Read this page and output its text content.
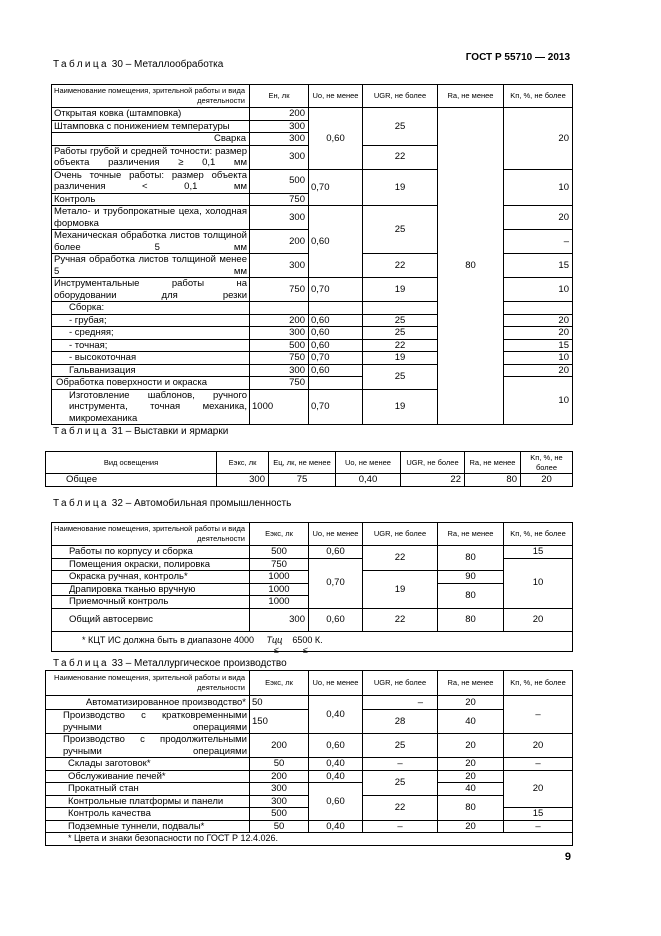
ГОСТ Р 55710 — 2013
Таблица 30 – Металлообработка
Наименование помещения, зрительной работы и вида деятельности	Eн, лк	Uo, не менее	UGR, не более	Ra, не менее	Kп, %, не более
Открытая ковка (штамповка)	200	0,60	25	80	20
Штамповка с понижением температуры	300				
Сварка	300				
Работы грубой и средней точности: размер объекта различения ≥ 0,1 мм	300		22		
Очень точные работы: размер объекта различения < 0,1 мм	500	0,70	19		10
Контроль	750				
Метало- и трубопрокатные цеха, холодная формовка	300	0,60	25		20
Механическая обработка листов толщиной более 5 мм	200				–
Ручная обработка листов толщиной менее 5 мм	300		22		15
Инструментальные работы на оборудовании для резки	750	0,70	19		10
Сборка:					
- грубая;	200	0,60	25		20
- средняя;	300	0,60	25		20
- точная;	500	0,60	22		15
- высокоточная	750	0,70	19		10
Гальванизация	300	0,60	25		20
Обработка поверхности и окраска	750				10
Изготовление шаблонов, ручного инструмента, точная механика, микромеханика	1000	0,70	19		
Таблица 31 – Выставки и ярмарки
Вид освещения	Eэкс, лк	Eц, лк, не менее	Uo, не менее	UGR, не более	Ra, не менее	Kп, %, не более
Общее	300	75	0,40	22	80	20
Таблица 32 – Автомобильная промышленность
Наименование помещения, зрительной работы и вида деятельности	Eэкс, лк	Uo, не менее	UGR, не более	Ra, не менее	Kп, %, не более
Работы по корпусу и сборка	500	0,60	22	80	15
Помещения окраски, полировка	750	0,70			10
Окраска ручная, контроль*	1000		19	90	
Драпировка тканью вручную	1000			80	
Приемочный контроль	1000				
Общий автосервис	300	0,60	22	80	20
* КЦТ ИС должна быть в диапазоне 4000 Тцц 6500 К.					
≤	≤
Таблица 33 – Металлургическое производство
Наименование помещения, зрительной работы и вида деятельности	Eэкс, лк	Uo, не менее	UGR, не более	Ra, не менее	Kп, %, не более
Автоматизированное производство*	50	0,40	–	20	–
Производство с кратковременными ручными операциями	150		28	40	
Производство с продолжительными ручными операциями	200	0,60	25	20	20
Склады заготовок*	50	0,40	–	20	–
Обслуживание печей*	200	0,40	25	20	20
Прокатный стан	300	0,60		40	
Контрольные платформы и панели	300		22	80	
Контроль качества	500				15
Подземные туннели, подвалы*	50	0,40	–	20	–
* Цвета и знаки безопасности по ГОСТ Р 12.4.026.					
9
